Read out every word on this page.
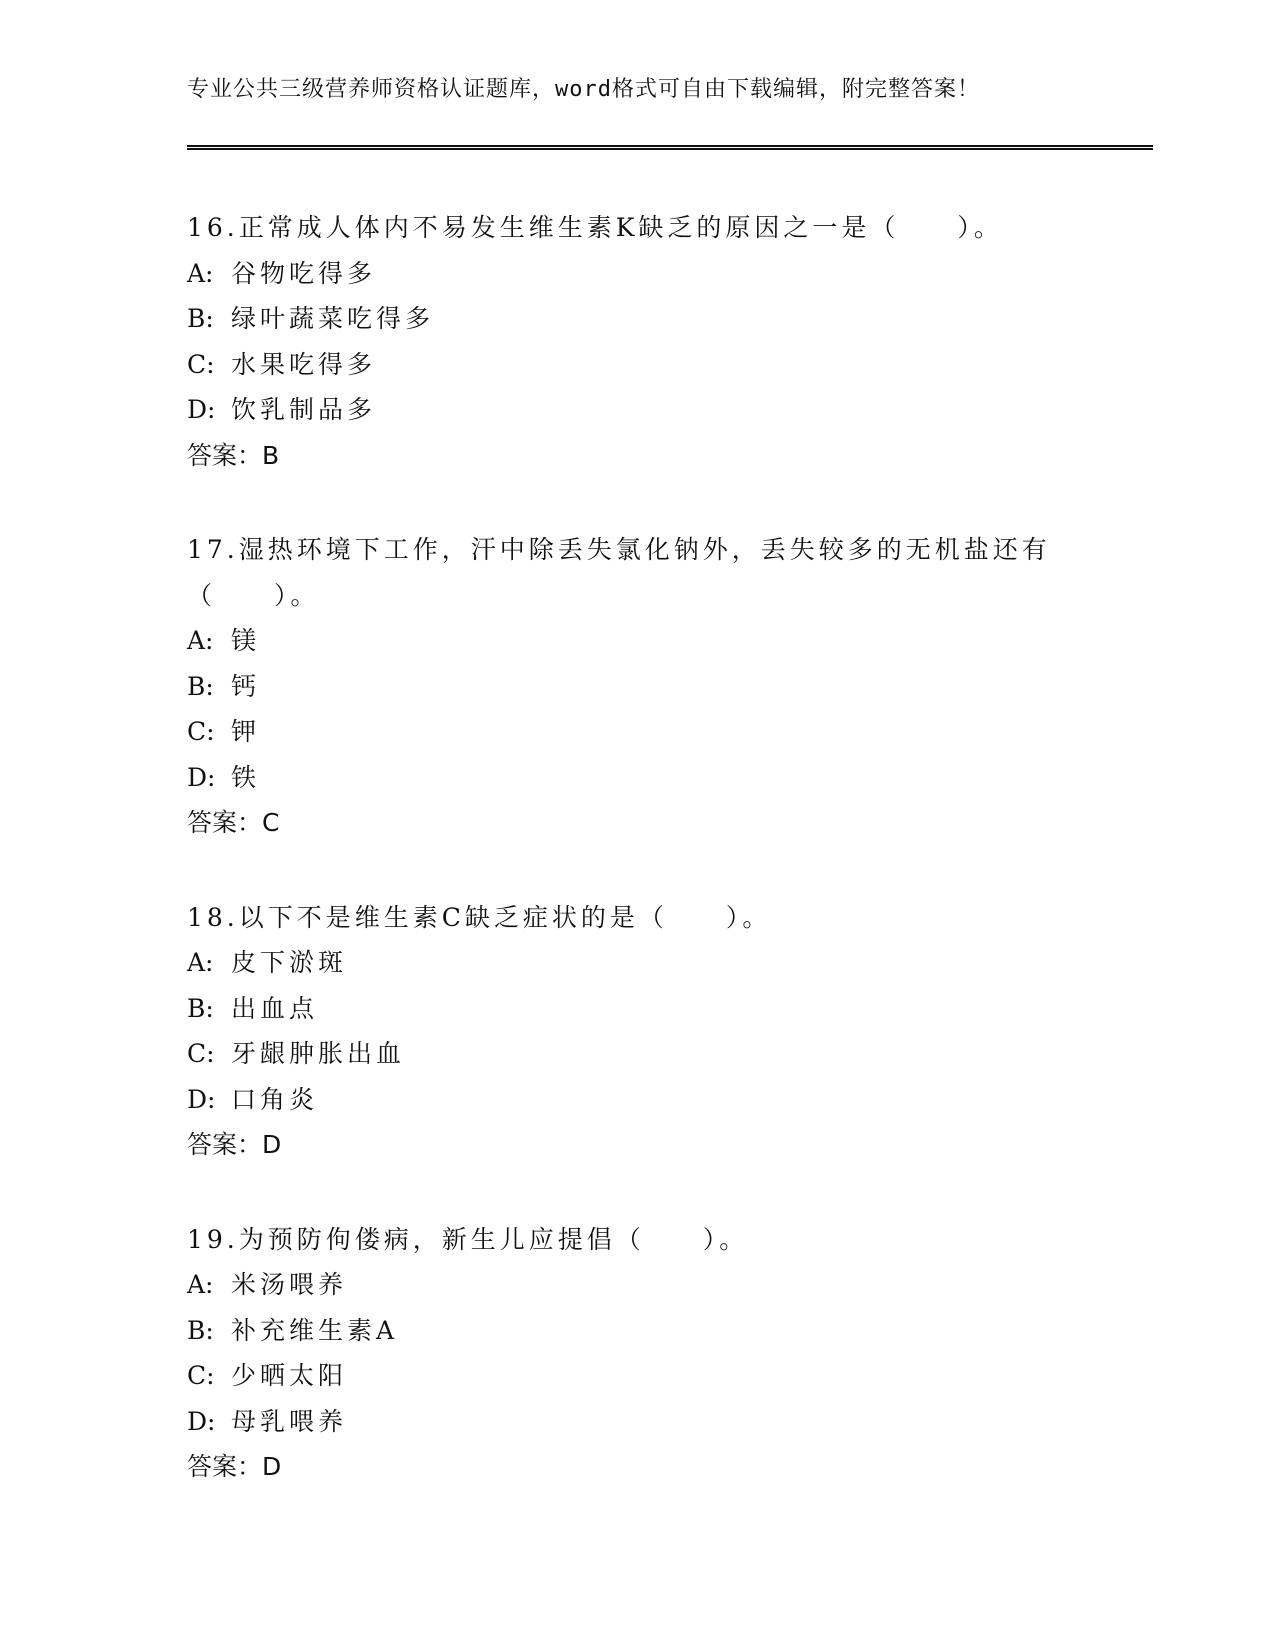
专业公共三级营养师资格认证题库，word格式可自由下载编辑，附完整答案！
16.正常成人体内不易发生维生素K缺乏的原因之一是（　　）。
A: 谷物吃得多
B: 绿叶蔬菜吃得多
C: 水果吃得多
D: 饮乳制品多
答案：B
17.湿热环境下工作，汗中除丢失氯化钠外，丢失较多的无机盐还有（　　）。
A: 镁
B: 钙
C: 钾
D: 铁
答案：C
18.以下不是维生素C缺乏症状的是（　　）。
A: 皮下淤斑
B: 出血点
C: 牙龈肿胀出血
D: 口角炎
答案：D
19.为预防佝偻病，新生儿应提倡（　　）。
A: 米汤喂养
B: 补充维生素A
C: 少晒太阳
D: 母乳喂养
答案：D
